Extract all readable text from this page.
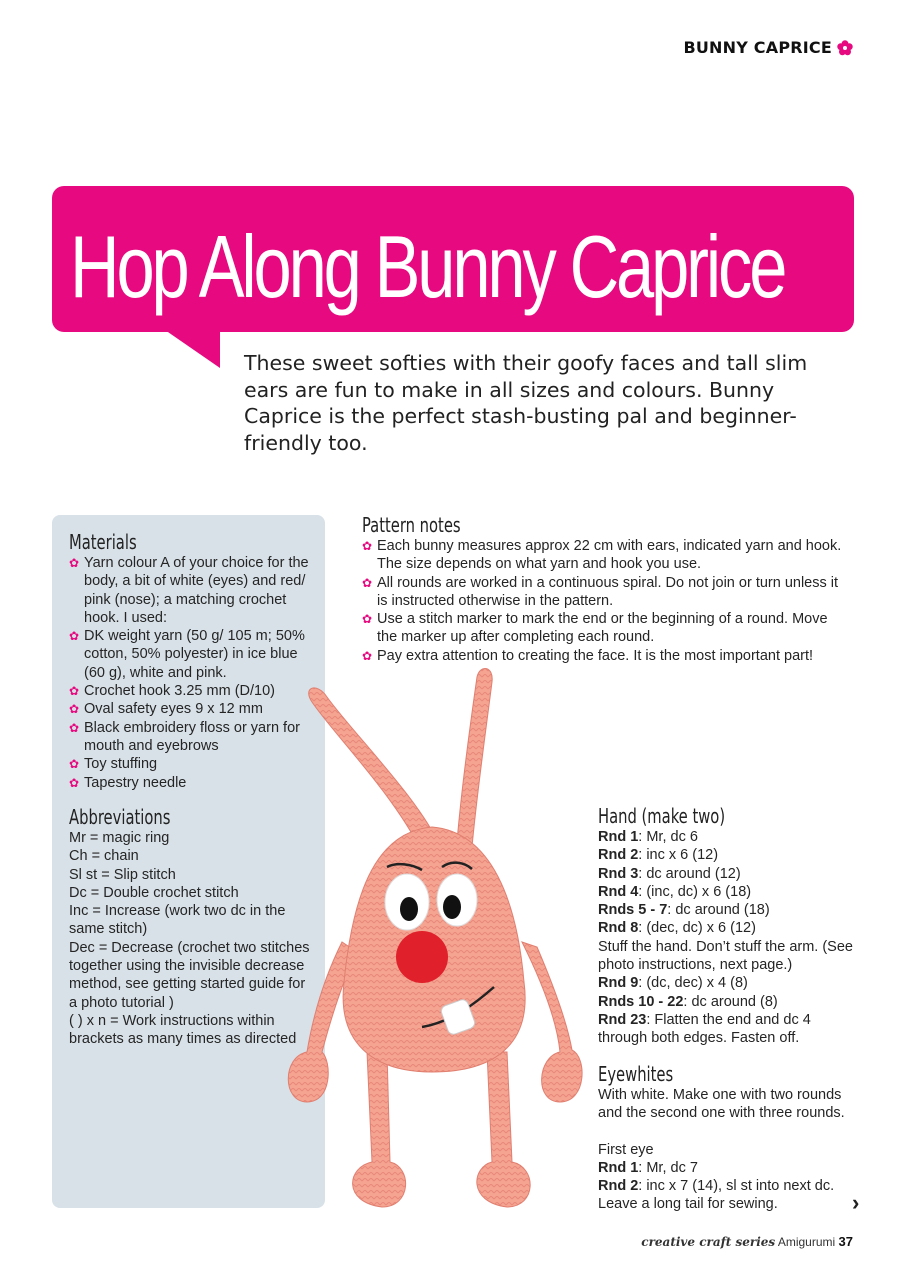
BUNNY CAPRICE
Hop Along Bunny Caprice
These sweet softies with their goofy faces and tall slim ears are fun to make in all sizes and colours. Bunny Caprice is the perfect stash-busting pal and beginner-friendly too.
Materials
✿ Yarn colour A of your choice for the body, a bit of white (eyes) and red/ pink (nose); a matching crochet hook. I used:
✿ DK weight yarn (50 g/ 105 m; 50% cotton, 50% polyester) in ice blue (60 g), white and pink.
✿ Crochet hook 3.25 mm (D/10)
✿ Oval safety eyes 9 x 12 mm
✿ Black embroidery floss or yarn for mouth and eyebrows
✿ Toy stuffing
✿ Tapestry needle
Abbreviations
Mr = magic ring
Ch = chain
Sl st = Slip stitch
Dc = Double crochet stitch
Inc = Increase (work two dc in the same stitch)
Dec = Decrease (crochet two stitches together using the invisible decrease method, see getting started guide for a photo tutorial )
( ) x n = Work instructions within brackets as many times as directed
Pattern notes
✿ Each bunny measures approx 22 cm with ears, indicated yarn and hook. The size depends on what yarn and hook you use.
✿ All rounds are worked in a continuous spiral. Do not join or turn unless it is instructed otherwise in the pattern.
✿ Use a stitch marker to mark the end or the beginning of a round. Move the marker up after completing each round.
✿ Pay extra attention to creating the face. It is the most important part!
Hand (make two)
Rnd 1: Mr, dc 6
Rnd 2: inc x 6 (12)
Rnd 3: dc around (12)
Rnd 4: (inc, dc) x 6 (18)
Rnds 5 - 7: dc around (18)
Rnd 8: (dec, dc) x 6 (12)
Stuff the hand. Don’t stuff the arm. (See photo instructions, next page.)
Rnd 9: (dc, dec) x 4 (8)
Rnds 10 - 22: dc around (8)
Rnd 23: Flatten the end and dc 4 through both edges. Fasten off.
Eyewhites
With white. Make one with two rounds and the second one with three rounds.
First eye
Rnd 1: Mr, dc 7
Rnd 2: inc x 7 (14), sl st into next dc. Leave a long tail for sewing.	›
creative craft series Amigurumi 37
